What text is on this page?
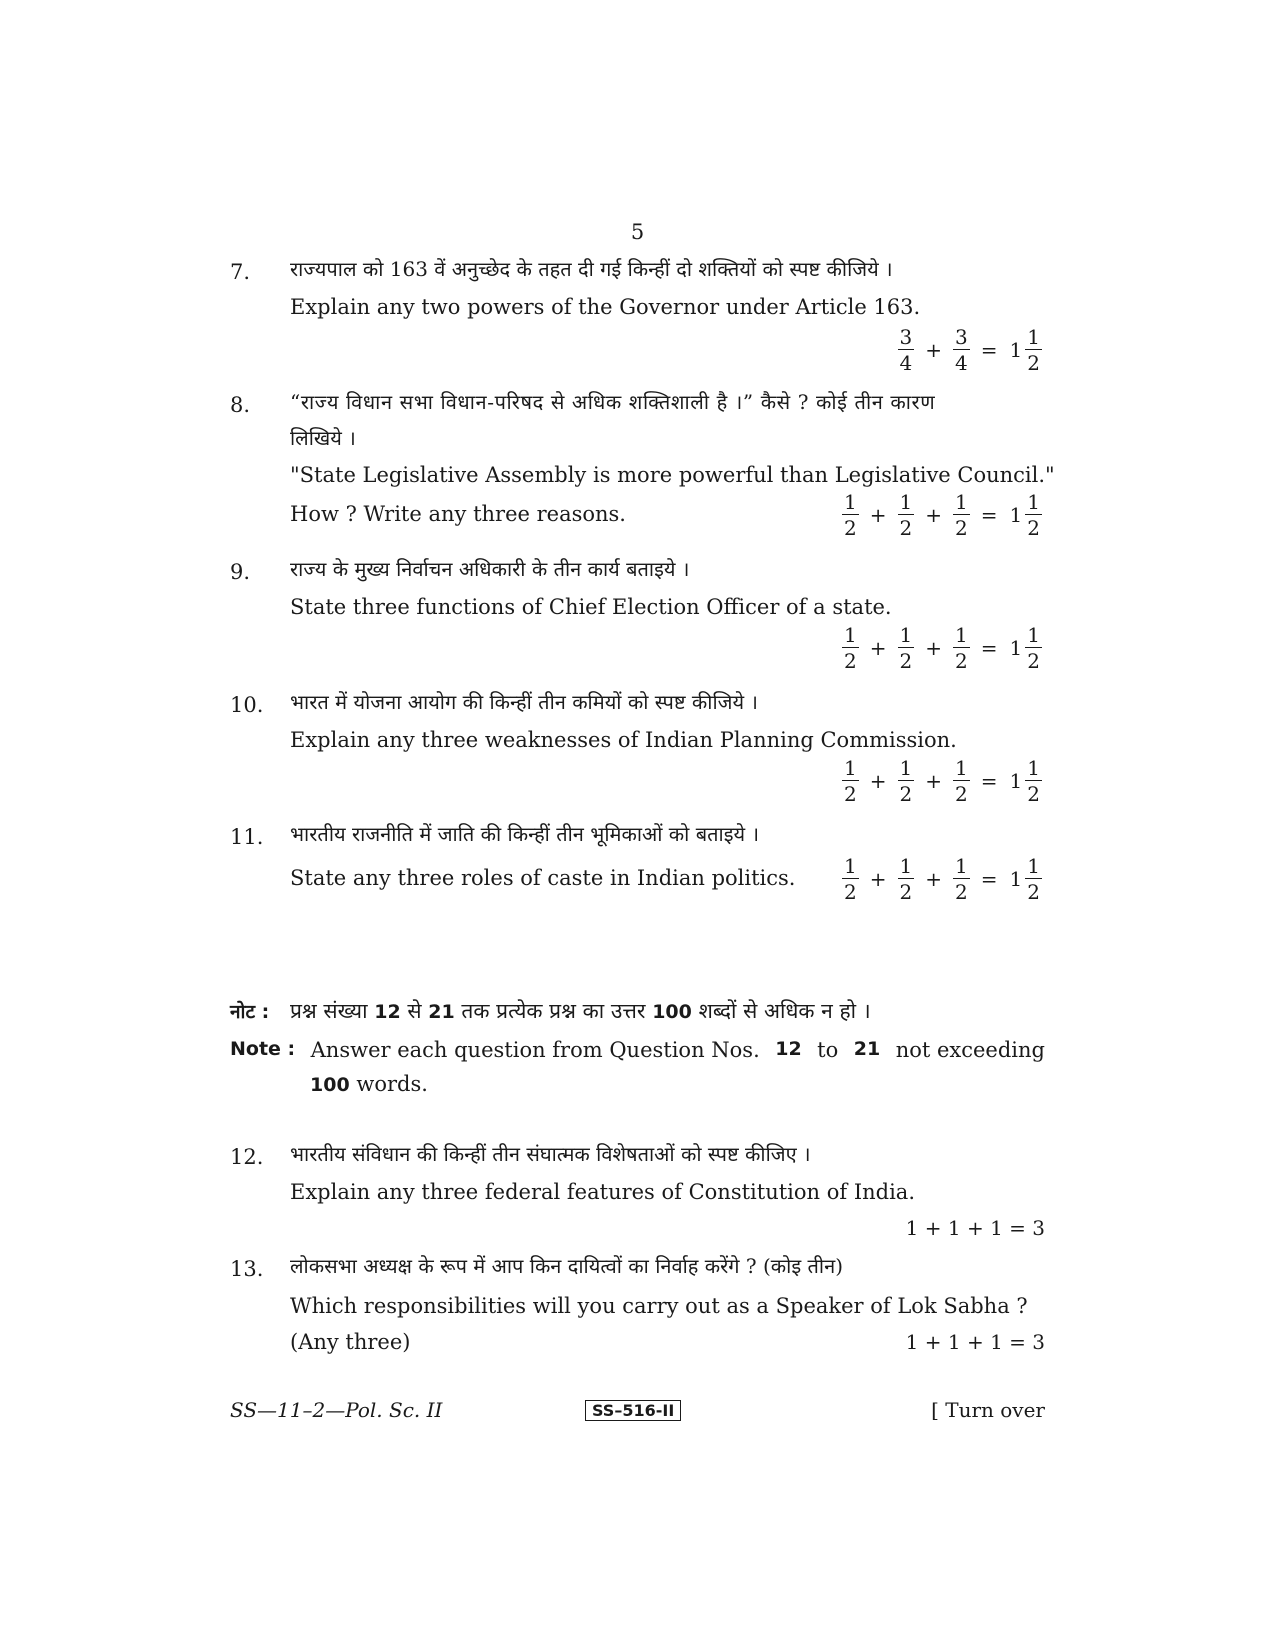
5
7. राज्यपाल को 163 वें अनुच्छेद के तहत दी गई किन्हीं दो शक्तियों को स्पष्ट कीजिये ।
Explain any two powers of the Governor under Article 163.
$\frac{3}{4} + \frac{3}{4} = 1 \frac{1}{2}$
8. “राज्य विधान सभा विधान-परिषद से अधिक शक्तिशाली है ।” कैसे ? कोई तीन कारण
लिखिये ।
"State Legislative Assembly is more powerful than Legislative Council."
How ? Write any three reasons.	$\frac{1}{2} + \frac{1}{2} + \frac{1}{2} = 1 \frac{1}{2}$
9. राज्य के मुख्य निर्वाचन अधिकारी के तीन कार्य बताइये ।
State three functions of Chief Election Officer of a state.
$\frac{1}{2} + \frac{1}{2} + \frac{1}{2} = 1 \frac{1}{2}$
10. भारत में योजना आयोग की किन्हीं तीन कमियों को स्पष्ट कीजिये ।
Explain any three weaknesses of Indian Planning Commission.
$\frac{1}{2} + \frac{1}{2} + \frac{1}{2} = 1 \frac{1}{2}$
11. भारतीय राजनीति में जाति की किन्हीं तीन भूमिकाओं को बताइये ।
State any three roles of caste in Indian politics. $\frac{1}{2} + \frac{1}{2} + \frac{1}{2} = 1 \frac{1}{2}$
नोट : प्रश्न संख्या 12 से 21 तक प्रत्येक प्रश्न का उत्तर 100 शब्दों से अधिक न हो ।
Note : Answer each question from Question Nos. 12 to 21 not exceeding
100 words.
12. भारतीय संविधान की किन्हीं तीन संघात्मक विशेषताओं को स्पष्ट कीजिए ।
Explain any three federal features of Constitution of India.
1 + 1 + 1 = 3
13. लोकसभा अध्यक्ष के रूप में आप किन दायित्वों का निर्वाह करेंगे ? (कोइ तीन)
Which responsibilities will you carry out as a Speaker of Lok Sabha ?
(Any three)	1 + 1 + 1 = 3
SS—11–2—Pol. Sc. II	SS–516-II	[ Turn over
